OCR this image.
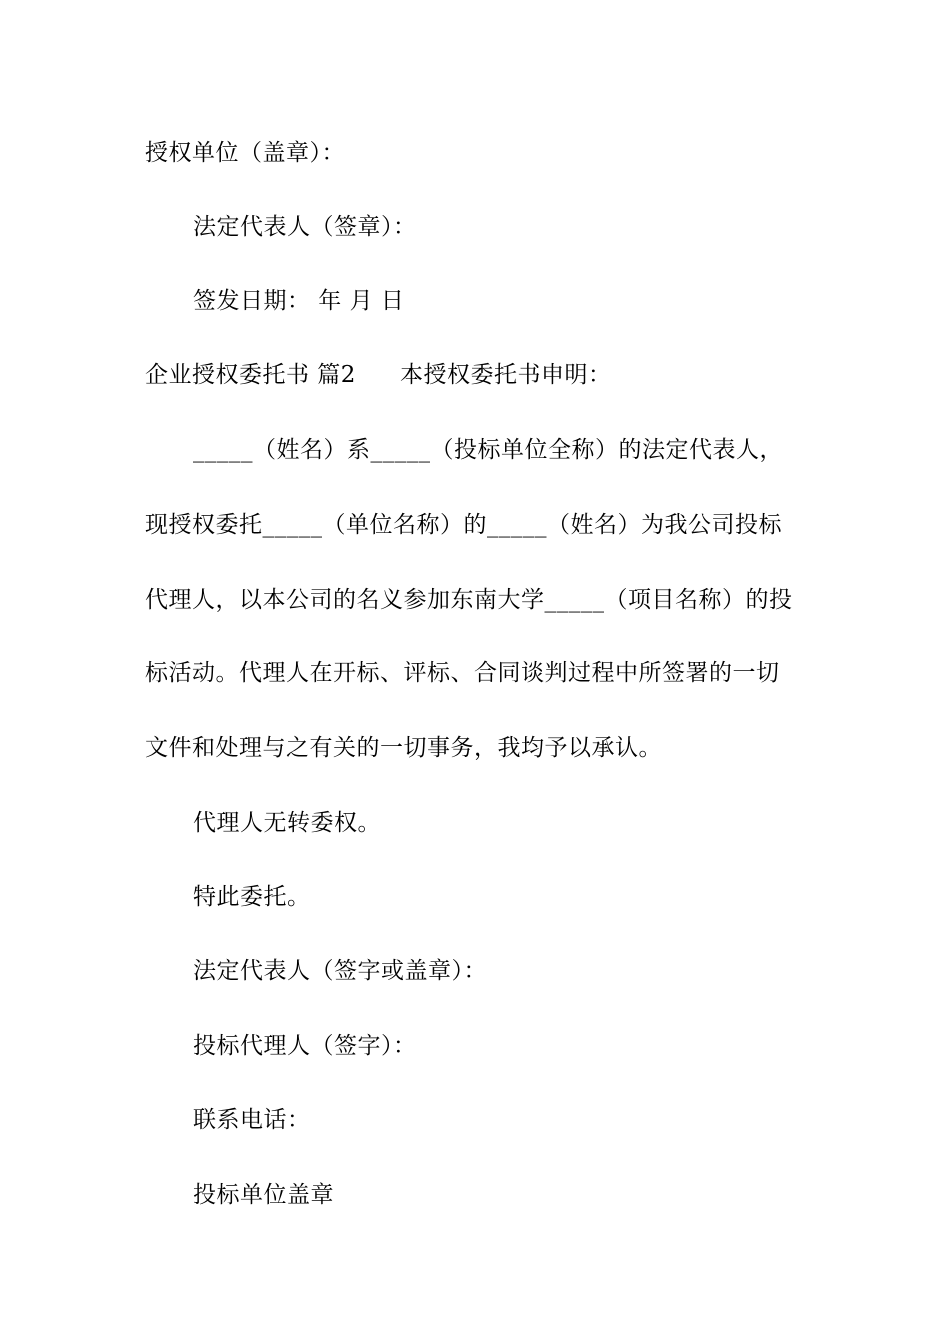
授权单位（盖章）：
法定代表人（签章）：
签发日期： 年 月 日
企业授权委托书 篇2 本授权委托书申明：
_____（姓名）系_____（投标单位全称）的法定代表人，
现授权委托_____（单位名称）的_____（姓名）为我公司投标
代理人，以本公司的名义参加东南大学_____（项目名称）的投
标活动。代理人在开标、评标、合同谈判过程中所签署的一切
文件和处理与之有关的一切事务，我均予以承认。
代理人无转委权。
特此委托。
法定代表人（签字或盖章）：
投标代理人（签字）：
联系电话：
投标单位盖章
